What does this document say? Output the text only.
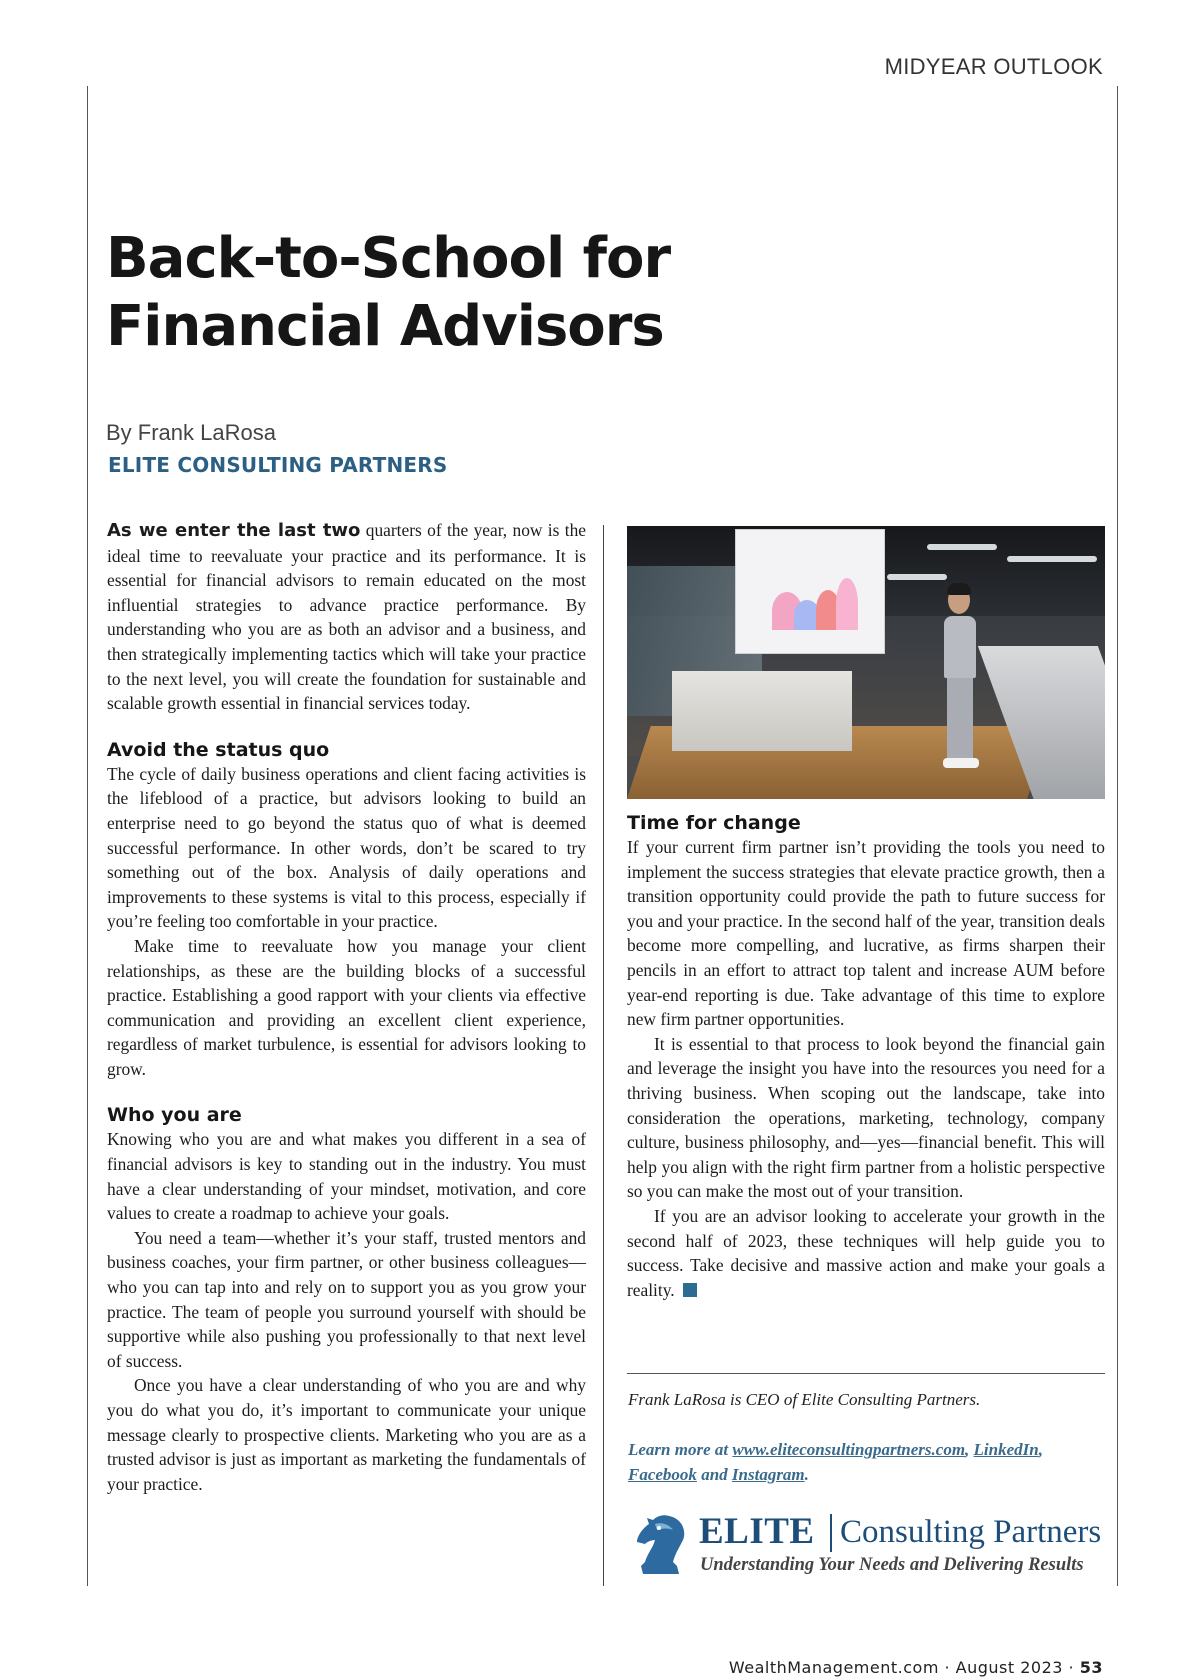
MIDYEAR OUTLOOK
Back-to-School for
Financial Advisors
By Frank LaRosa
ELITE CONSULTING PARTNERS

As we enter the last two quarters of the year, now is the ideal time to reevaluate your practice and its performance. It is essential for financial advisors to remain educated on the most influential strategies to advance practice performance. By understanding who you are as both an advisor and a business, and then strategically implementing tactics which will take your practice to the next level, you will create the foundation for sustainable and scalable growth essential in financial services today.

Avoid the status quo

The cycle of daily business operations and client facing activities is the lifeblood of a practice, but advisors looking to build an enterprise need to go beyond the status quo of what is deemed successful performance. In other words, don’t be scared to try something out of the box. Analysis of daily operations and improvements to these systems is vital to this process, especially if you’re feeling too comfortable in your practice.

Make time to reevaluate how you manage your client relationships, as these are the building blocks of a successful practice. Establishing a good rapport with your clients via effective communication and providing an excellent client experience, regardless of market turbulence, is essential for advisors looking to grow.

Who you are

Knowing who you are and what makes you different in a sea of financial advisors is key to standing out in the industry. You must have a clear understanding of your mindset, motivation, and core values to create a roadmap to achieve your goals.

You need a team—whether it’s your staff, trusted mentors and business coaches, your firm partner, or other business colleagues—who you can tap into and rely on to support you as you grow your practice. The team of people you surround yourself with should be supportive while also pushing you professionally to that next level of success.

Once you have a clear understanding of who you are and why you do what you do, it’s important to communicate your unique message clearly to prospective clients. Marketing who you are as a trusted advisor is just as important as marketing the fundamentals of your practice.

Time for change

If your current firm partner isn’t providing the tools you need to implement the success strategies that elevate practice growth, then a transition opportunity could provide the path to future success for you and your practice. In the second half of the year, transition deals become more compelling, and lucrative, as firms sharpen their pencils in an effort to attract top talent and increase AUM before year-end reporting is due. Take advantage of this time to explore new firm partner opportunities.

It is essential to that process to look beyond the financial gain and leverage the insight you have into the resources you need for a thriving business. When scoping out the landscape, take into consideration the operations, marketing, technology, company culture, business philosophy, and—yes—financial benefit. This will help you align with the right firm partner from a holistic perspective so you can make the most out of your transition.

If you are an advisor looking to accelerate your growth in the second half of 2023, these techniques will help guide you to success. Take decisive and massive action and make your goals a reality.

Frank LaRosa is CEO of Elite Consulting Partners.
Learn more at www.eliteconsultingpartners.com, LinkedIn,
Facebook and Instagram.
ELITE Consulting Partners
Understanding Your Needs and Delivering Results
WealthManagement.com · August 2023 · 53
